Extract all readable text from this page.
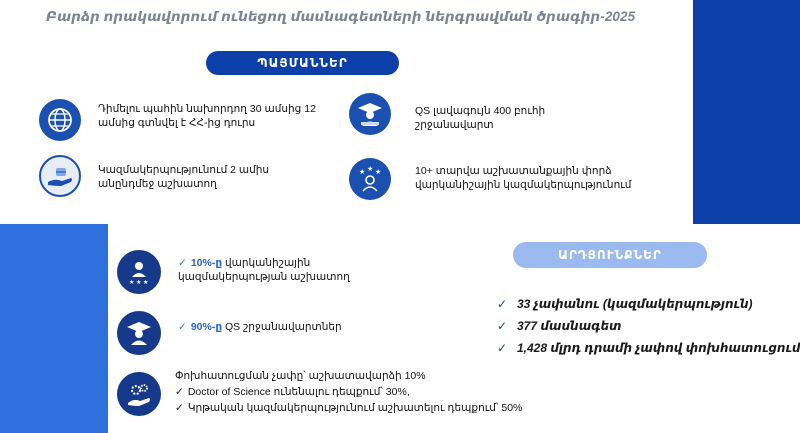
Բարձր որակավորում ունեցող մասնագետների ներգրավման ծրագիր-2025
ՊԱՅՄԱՆՆԵՐ
Դիմելու պահին նախորդող 30 ամսից 12
ամսից գտնվել է ՀՀ-ից դուրս
QS լավագույն 400 բուհի
շրջանավարտ
Կազմակերպությունում 2 ամիս
անընդմեջ աշխատող
★ ★ ★	10+ տարվա աշխատանքային փորձ
վարկանիշային կազմակերպությունում
ԱՐԴՅՈՒՆՔՆԵՐ
✓ 33 չափանու (կազմակերպություն)
✓ 377 մասնագետ
✓ 1,428 մլրդ դրամի չափով փոխհատուցում
★ ★ ★
✓ 10%-ը վարկանիշային
կազմակերպության աշխատող
✓ 90%-ը QS շրջանավարտներ
Փոխհատուցման չափը՝ աշխատավարձի 10%
✓ Doctor of Science ունենալու դեպքում՝ 30%,
✓ Կրթական կազմակերպությունում աշխատելու դեպքում՝ 50%
